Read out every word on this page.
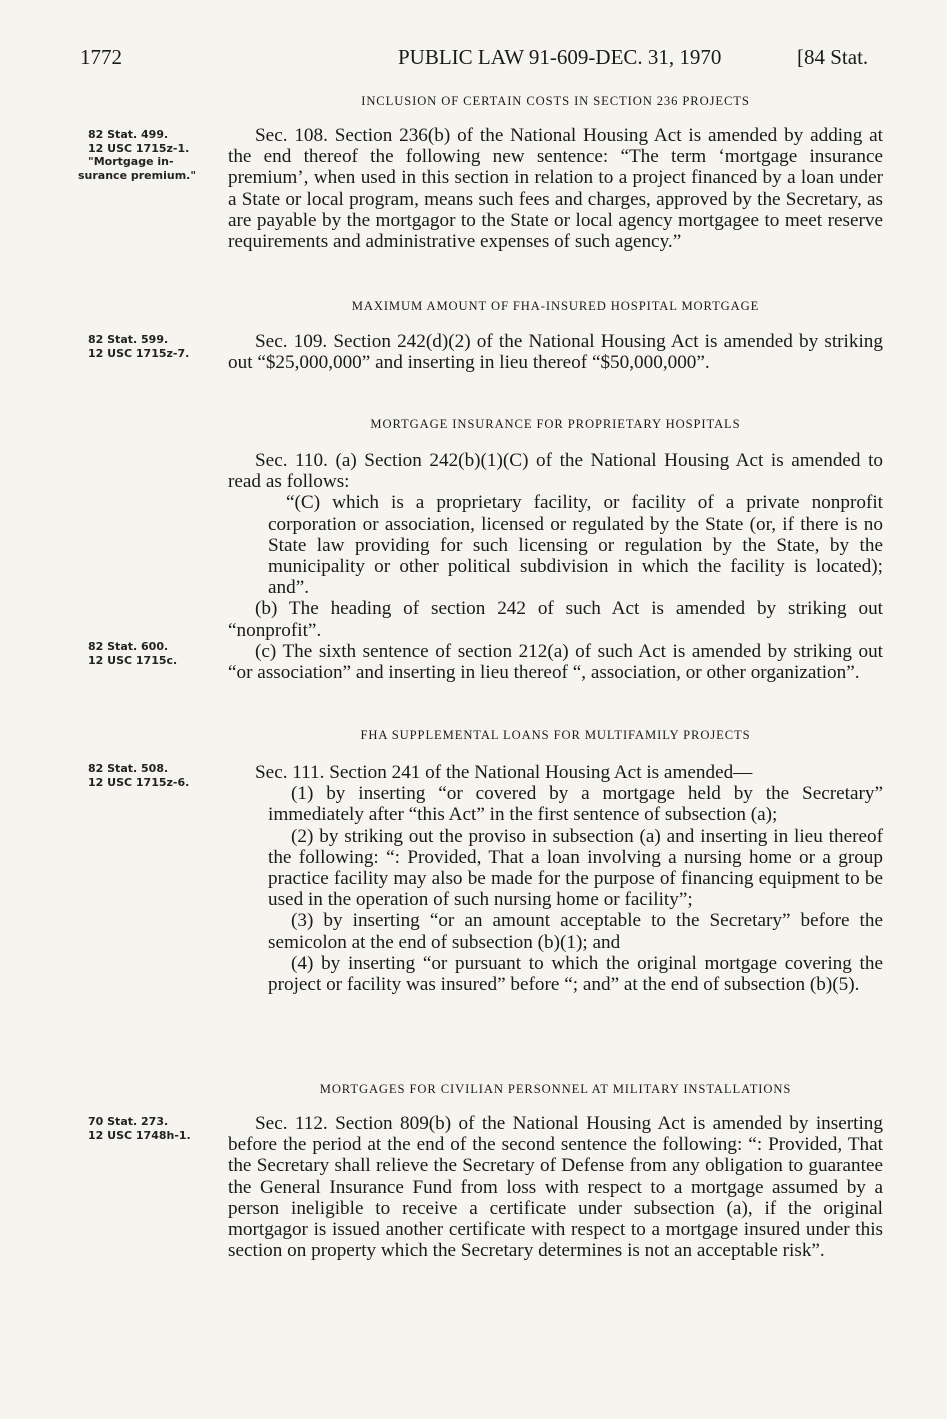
1772	PUBLIC LAW 91-609-DEC. 31, 1970	[84 Stat.
INCLUSION OF CERTAIN COSTS IN SECTION 236 PROJECTS
82 Stat. 499.
12 USC 1715z-1.
"Mortgage in-
surance premium."

Sec. 108. Section 236(b) of the National Housing Act is amended by adding at the end thereof the following new sentence: “The term ‘mortgage insurance premium’, when used in this section in relation to a project financed by a loan under a State or local program, means such fees and charges, approved by the Secretary, as are payable by the mortgagor to the State or local agency mortgagee to meet reserve requirements and administrative expenses of such agency.”

MAXIMUM AMOUNT OF FHA-INSURED HOSPITAL MORTGAGE
82 Stat. 599.
12 USC 1715z-7.

Sec. 109. Section 242(d)(2) of the National Housing Act is amended by striking out “$25,000,000” and inserting in lieu thereof “$50,000,000”.

MORTGAGE INSURANCE FOR PROPRIETARY HOSPITALS
82 Stat. 600.
12 USC 1715c.

Sec. 110. (a) Section 242(b)(1)(C) of the National Housing Act is amended to read as follows:

“(C) which is a proprietary facility, or facility of a private nonprofit corporation or association, licensed or regulated by the State (or, if there is no State law providing for such licensing or regulation by the State, by the municipality or other political subdivision in which the facility is located); and”.

(b) The heading of section 242 of such Act is amended by striking out “nonprofit”.

(c) The sixth sentence of section 212(a) of such Act is amended by striking out “or association” and inserting in lieu thereof “, association, or other organization”.

FHA SUPPLEMENTAL LOANS FOR MULTIFAMILY PROJECTS
82 Stat. 508.
12 USC 1715z-6.	Sec. 111. Section 241 of the National Housing Act is amended—

(1) by inserting “or covered by a mortgage held by the Secretary” immediately after “this Act” in the first sentence of subsection (a);

(2) by striking out the proviso in subsection (a) and inserting in lieu thereof the following: “: Provided, That a loan involving a nursing home or a group practice facility may also be made for the purpose of financing equipment to be used in the operation of such nursing home or facility”;

(3) by inserting “or an amount acceptable to the Secretary” before the semicolon at the end of subsection (b)(1); and

(4) by inserting “or pursuant to which the original mortgage covering the project or facility was insured” before “; and” at the end of subsection (b)(5).

MORTGAGES FOR CIVILIAN PERSONNEL AT MILITARY INSTALLATIONS
70 Stat. 273.
12 USC 1748h-1.

Sec. 112. Section 809(b) of the National Housing Act is amended by inserting before the period at the end of the second sentence the following: “: Provided, That the Secretary shall relieve the Secretary of Defense from any obligation to guarantee the General Insurance Fund from loss with respect to a mortgage assumed by a person ineligible to receive a certificate under subsection (a), if the original mortgagor is issued another certificate with respect to a mortgage insured under this section on property which the Secretary determines is not an acceptable risk”.
